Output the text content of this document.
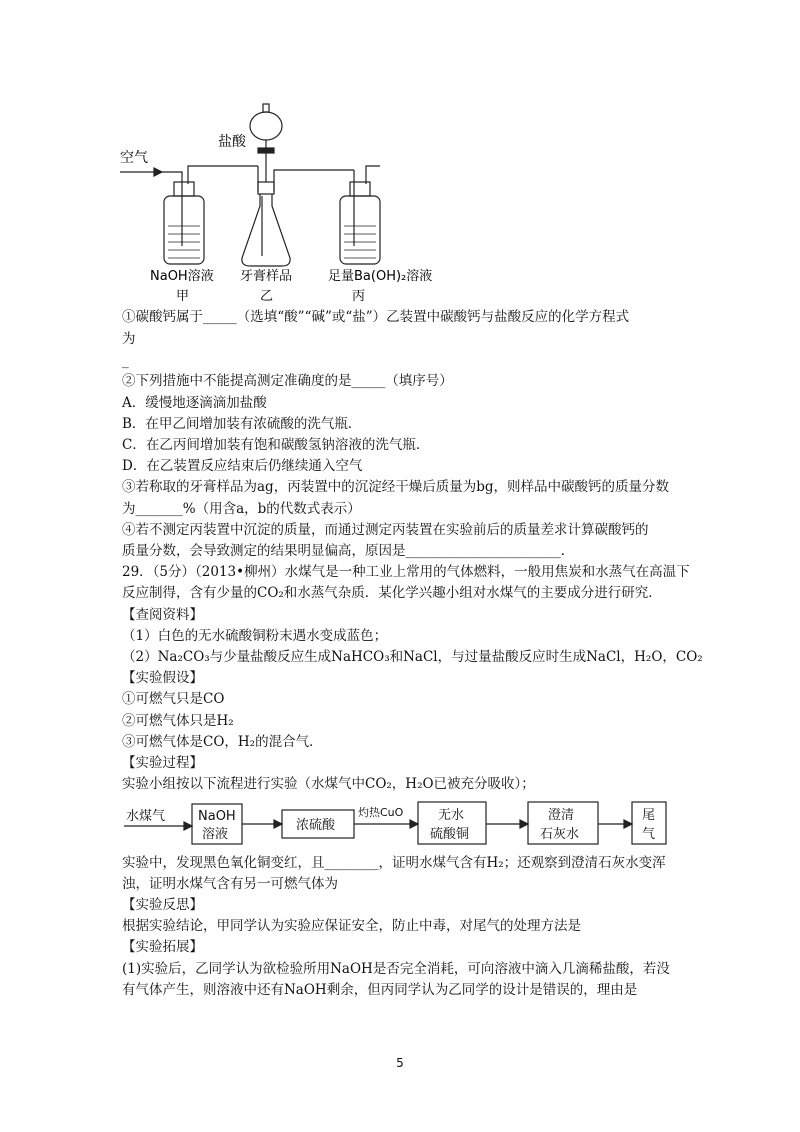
盐酸
空气
NaOH溶液
甲
牙膏样品
乙
足量Ba(OH)₂溶液
丙
①碳酸钙属于_____（选填“酸”“碱”或“盐”）乙装置中碳酸钙与盐酸反应的化学方程式
为
_
②下列措施中不能提高测定准确度的是_____（填序号）
A．缓慢地逐滴滴加盐酸
B．在甲乙间增加装有浓硫酸的洗气瓶．
C．在乙丙间增加装有饱和碳酸氢钠溶液的洗气瓶．
D．在乙装置反应结束后仍继续通入空气
③若称取的牙膏样品为ag，丙装置中的沉淀经干燥后质量为bg，则样品中碳酸钙的质量分数
为_______%（用含a，b的代数式表示）
④若不测定丙装置中沉淀的质量，而通过测定丙装置在实验前后的质量差求计算碳酸钙的
质量分数，会导致测定的结果明显偏高，原因是_______________________．
29．（5分）（2013•柳州）水煤气是一种工业上常用的气体燃料，一般用焦炭和水蒸气在高温下
反应制得，含有少量的CO₂和水蒸气杂质．某化学兴趣小组对水煤气的主要成分进行研究．
【查阅资料】
（1）白色的无水硫酸铜粉末遇水变成蓝色；
（2）Na₂CO₃与少量盐酸反应生成NaHCO₃和NaCl，与过量盐酸反应时生成NaCl，H₂O，CO₂
【实验假设】
①可燃气只是CO
②可燃气体只是H₂
③可燃气体是CO，H₂的混合气．
【实验过程】
实验小组按以下流程进行实验（水煤气中CO₂，H₂O已被充分吸收）；
水煤气	NaOH
溶液
浓硫酸
灼热CuO	无水
硫酸铜
澄清
石灰水
尾
气
实验中，发现黑色氧化铜变红，且________，证明水煤气含有H₂；还观察到澄清石灰水变浑
浊，证明水煤气含有另一可燃气体为
【实验反思】
根据实验结论，甲同学认为实验应保证安全，防止中毒，对尾气的处理方法是
【实验拓展】
(1)实验后，乙同学认为欲检验所用NaOH是否完全消耗，可向溶液中滴入几滴稀盐酸，若没
有气体产生，则溶液中还有NaOH剩余，但丙同学认为乙同学的设计是错误的，理由是
5
